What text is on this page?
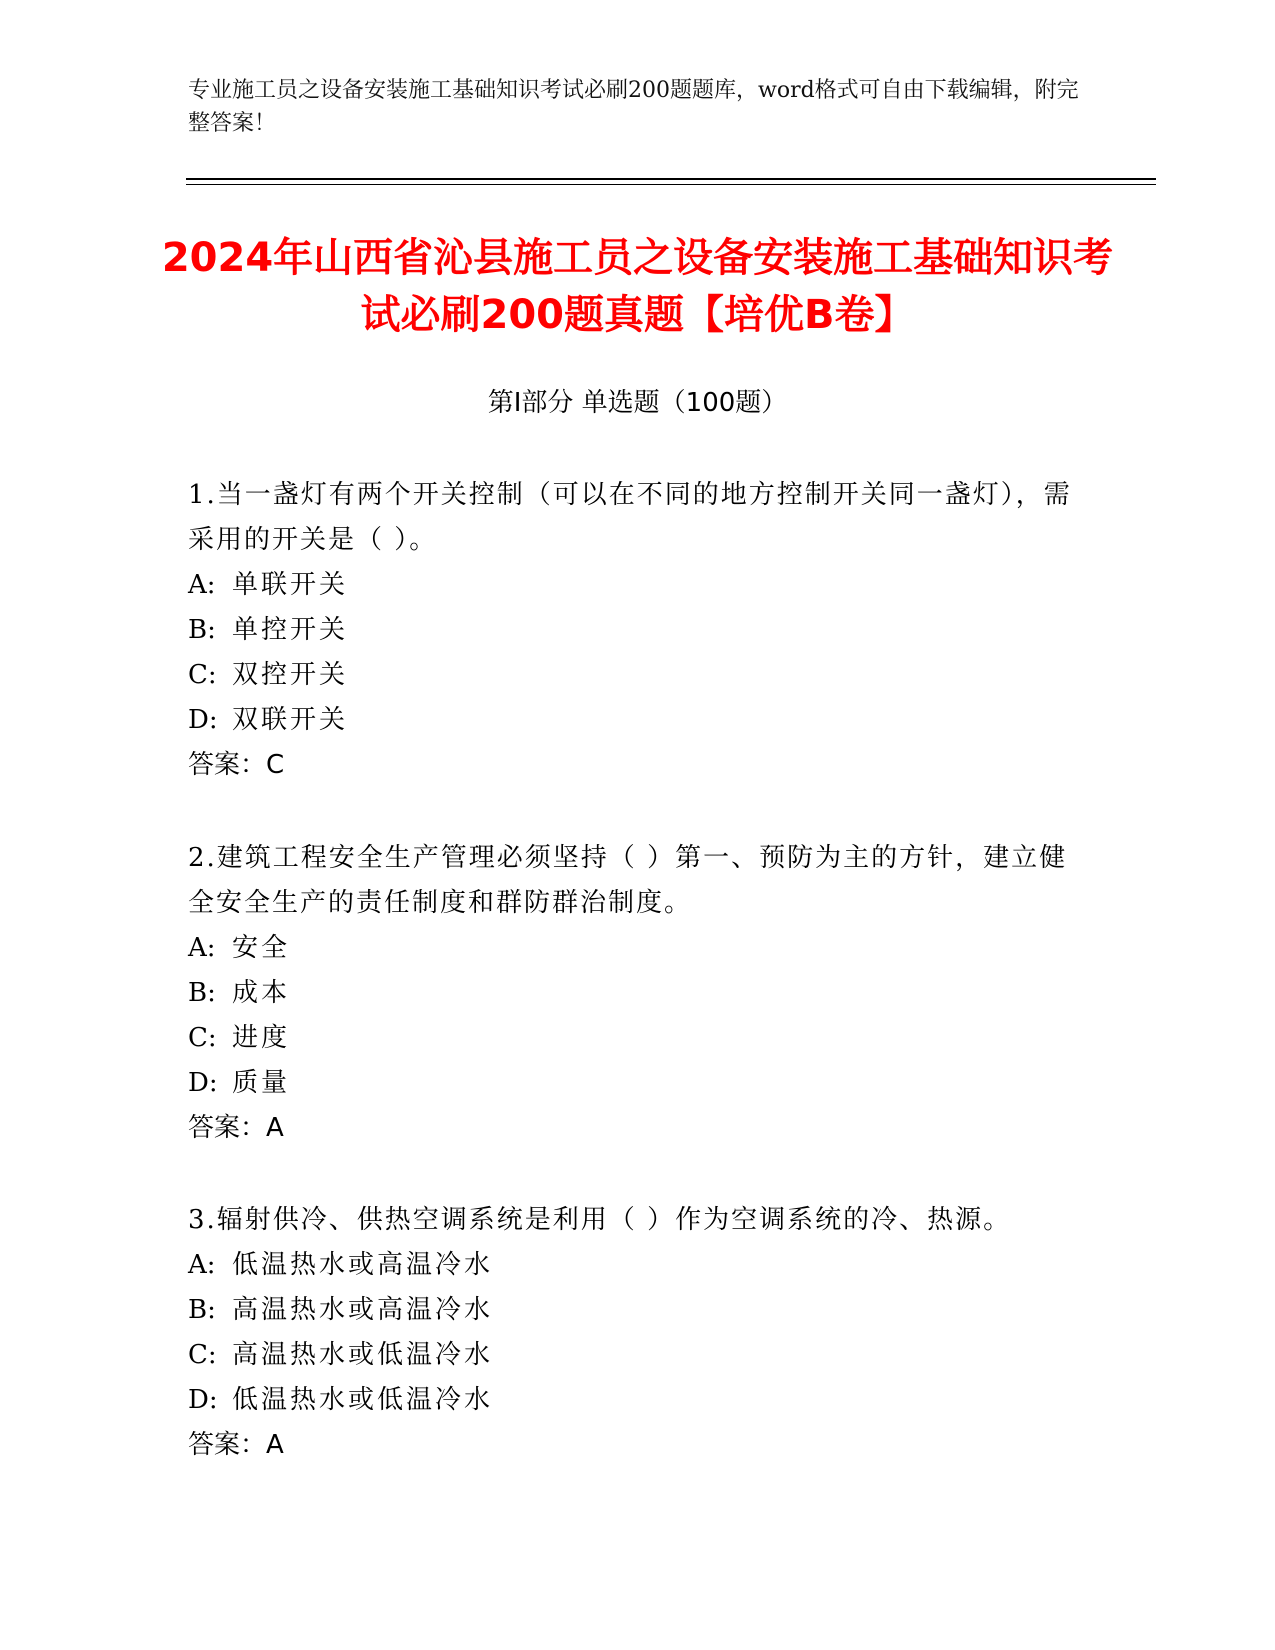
专业施工员之设备安装施工基础知识考试必刷200题题库，word格式可自由下载编辑，附完整答案！
2024年山西省沁县施工员之设备安装施工基础知识考试必刷200题真题【培优B卷】
第I部分 单选题（100题）
1.当一盏灯有两个开关控制（可以在不同的地方控制开关同一盏灯），需采用的开关是（ ）。
A: 单联开关
B: 单控开关
C: 双控开关
D: 双联开关
答案：C
2.建筑工程安全生产管理必须坚持（ ）第一、预防为主的方针，建立健全安全生产的责任制度和群防群治制度。
A: 安全
B: 成本
C: 进度
D: 质量
答案：A
3.辐射供冷、供热空调系统是利用（ ）作为空调系统的冷、热源。
A: 低温热水或高温冷水
B: 高温热水或高温冷水
C: 高温热水或低温冷水
D: 低温热水或低温冷水
答案：A
